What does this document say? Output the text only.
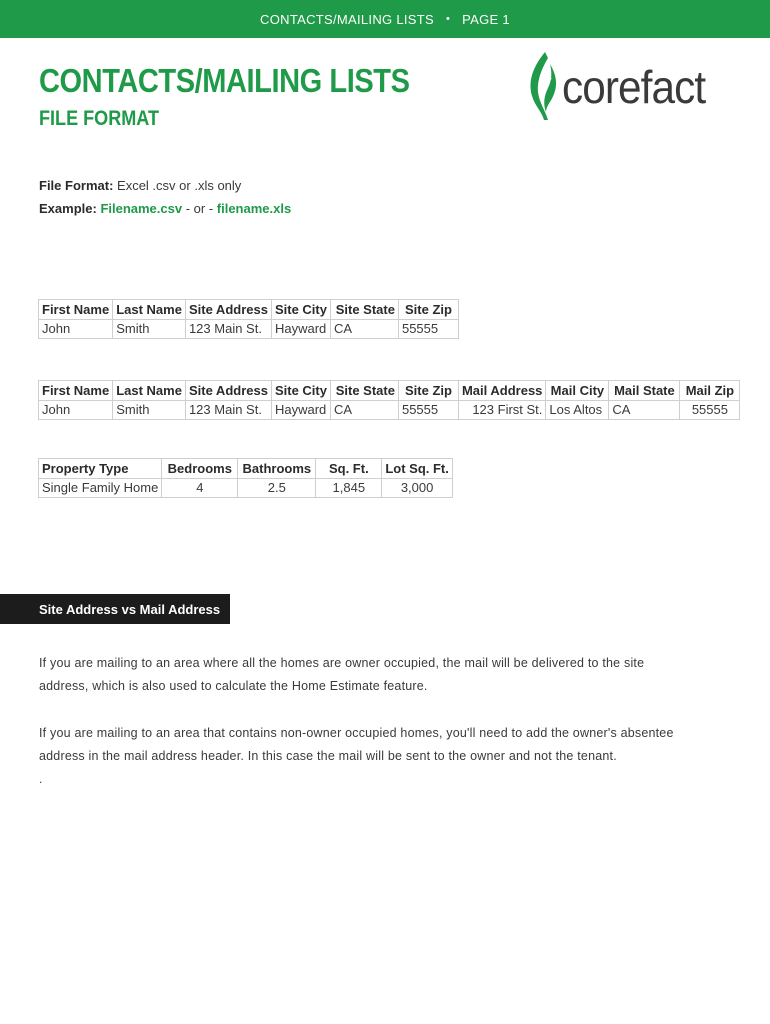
CONTACTS/MAILING LISTS • PAGE 1
CONTACTS/MAILING LISTS
FILE FORMAT
corefact
File Format: Excel .csv or .xls only
Example: Filename.csv - or - filename.xls
First Name	Last Name	Site Address	Site City	Site State	Site Zip
John	Smith	123 Main St.	Hayward	CA	55555
First Name	Last Name	Site Address	Site City	Site State	Site Zip	Mail Address	Mail City	Mail State	Mail Zip
John	Smith	123 Main St.	Hayward	CA	55555	123 First St.	Los Altos	CA	55555
Property Type	Bedrooms	Bathrooms	Sq. Ft.	Lot Sq. Ft.
Single Family Home	4	2.5	1,845	3,000
Site Address vs Mail Address

If you are mailing to an area where all the homes are owner occupied, the mail will be delivered to the site address, which is also used to calculate the Home Estimate feature.

If you are mailing to an area that contains non-owner occupied homes, you'll need to add the owner's absentee address in the mail address header. In this case the mail will be sent to the owner and not the tenant.

.
